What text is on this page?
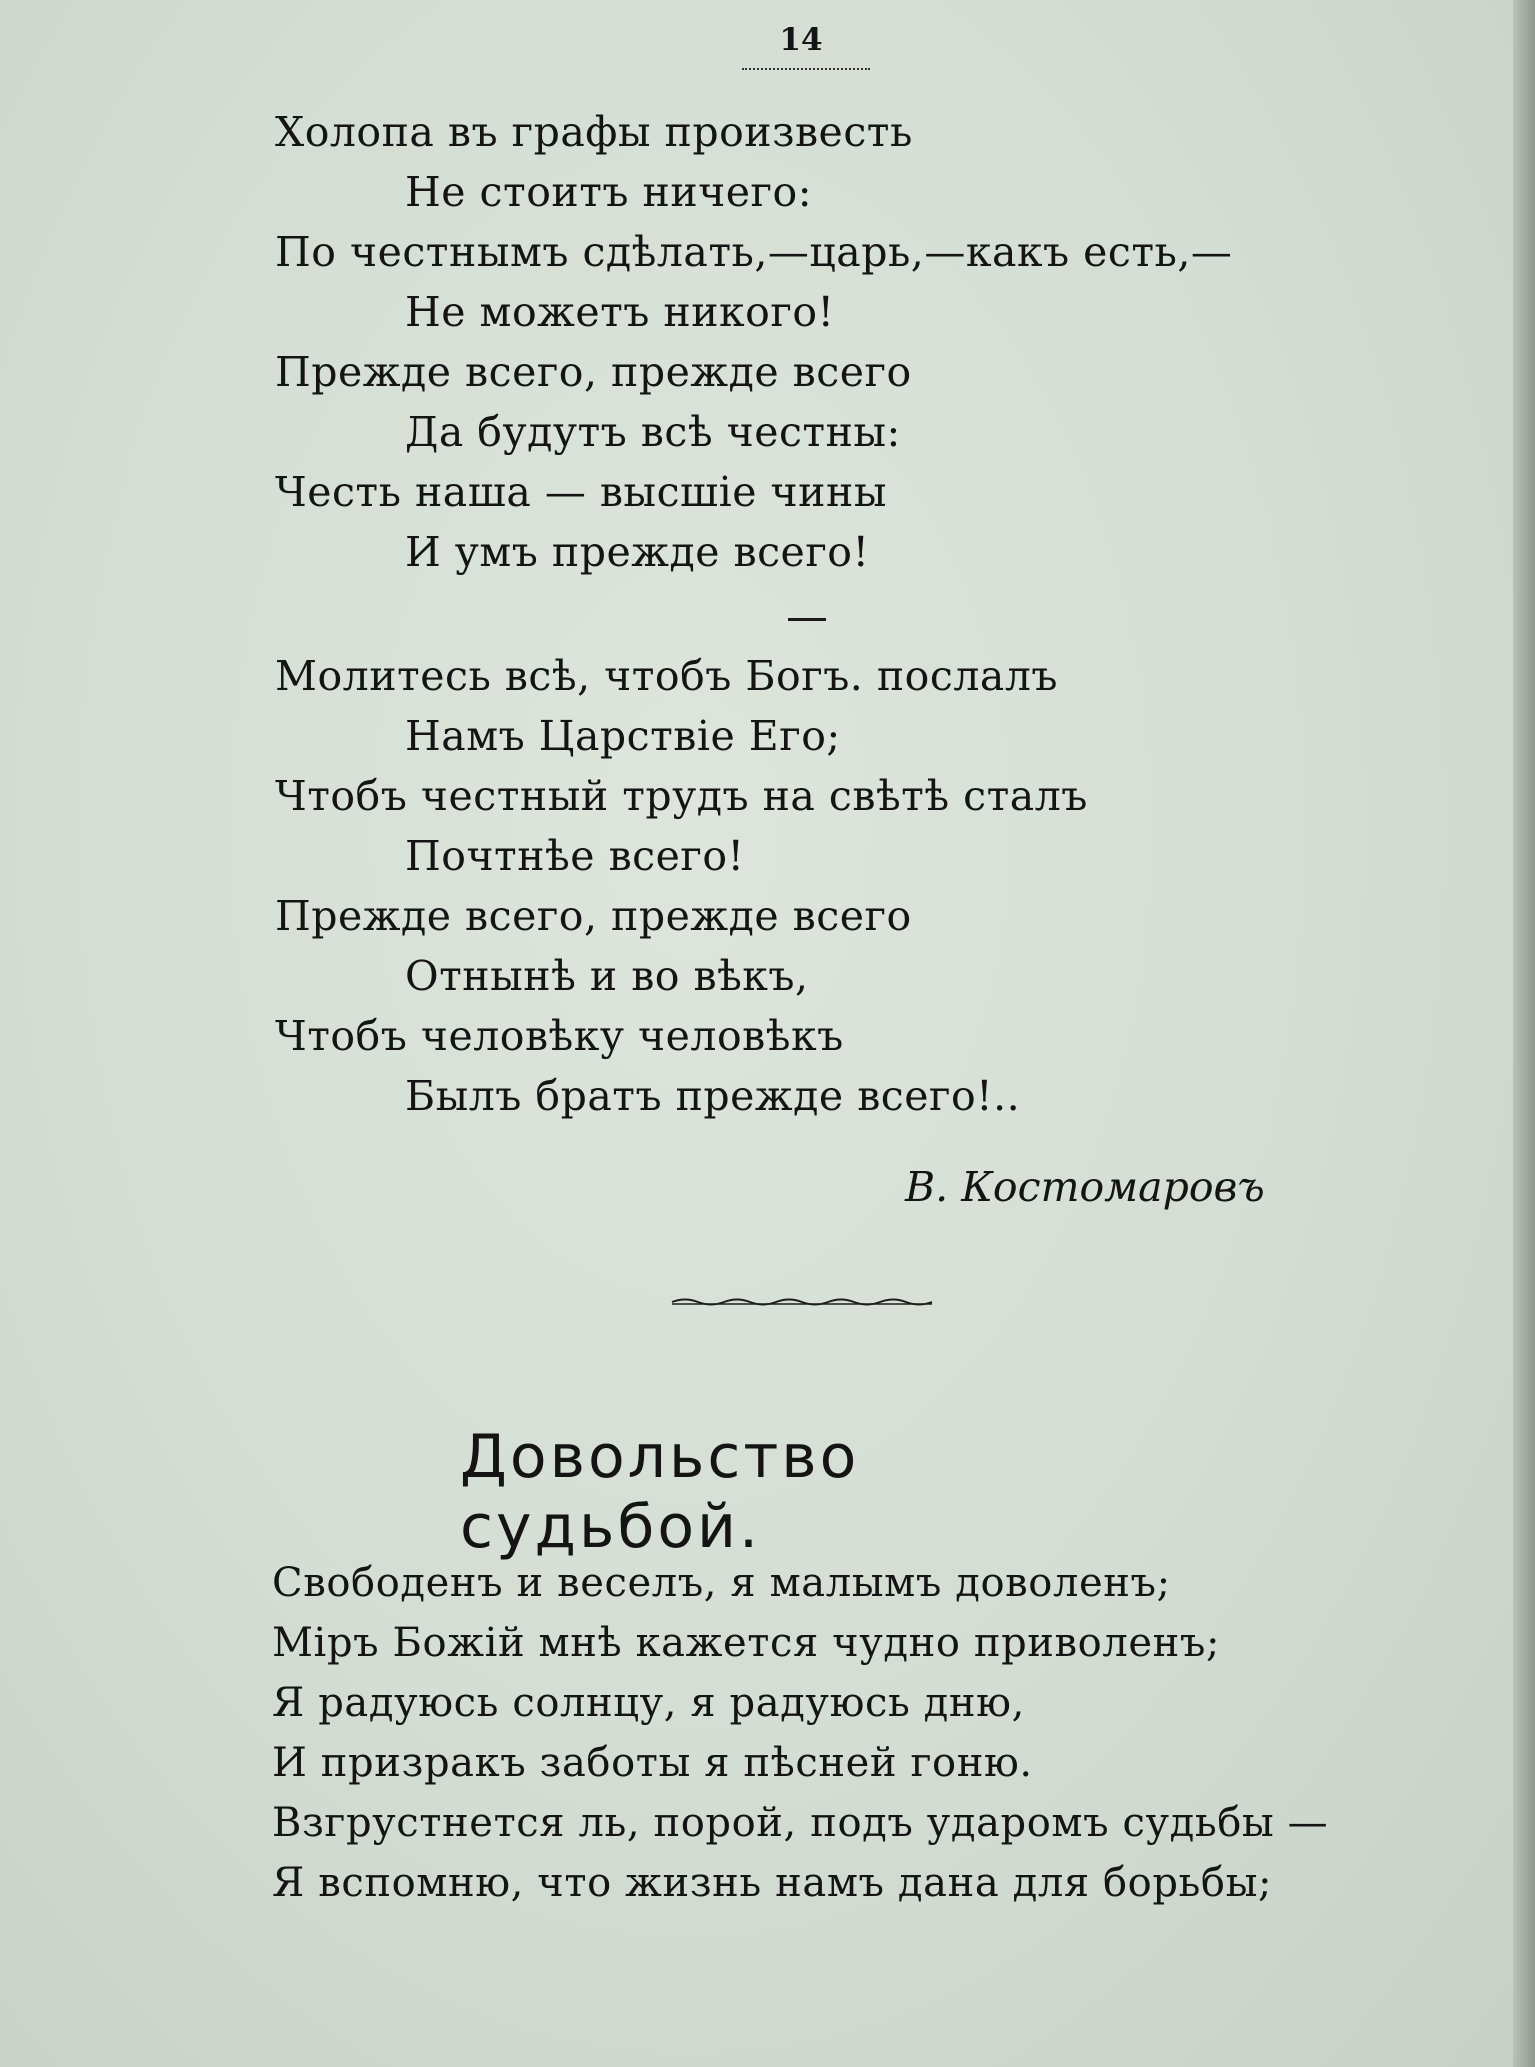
14
Холопа въ графы произвесть
Не стоитъ ничего:
По честнымъ сдѣлать,—царь,—какъ есть,—
Не можетъ никого!
Прежде всего, прежде всего
Да будутъ всѣ честны:
Честь наша — высшіе чины
И умъ прежде всего!
Молитесь всѣ, чтобъ Богъ. послалъ
Намъ Царствіе Его;
Чтобъ честный трудъ на свѣтѣ сталъ
Почтнѣе всего!
Прежде всего, прежде всего
Отнынѣ и во вѣкъ,
Чтобъ человѣку человѣкъ
Былъ братъ прежде всего!..
В. Костомаровъ
Довольство судьбой.
Свободенъ и веселъ, я малымъ доволенъ;
Міръ Божій мнѣ кажется чудно приволенъ;
Я радуюсь солнцу, я радуюсь дню,
И призракъ заботы я пѣсней гоню.
Взгрустнется ль, порой, подъ ударомъ судьбы —
Я вспомню, что жизнь намъ дана для борьбы;
